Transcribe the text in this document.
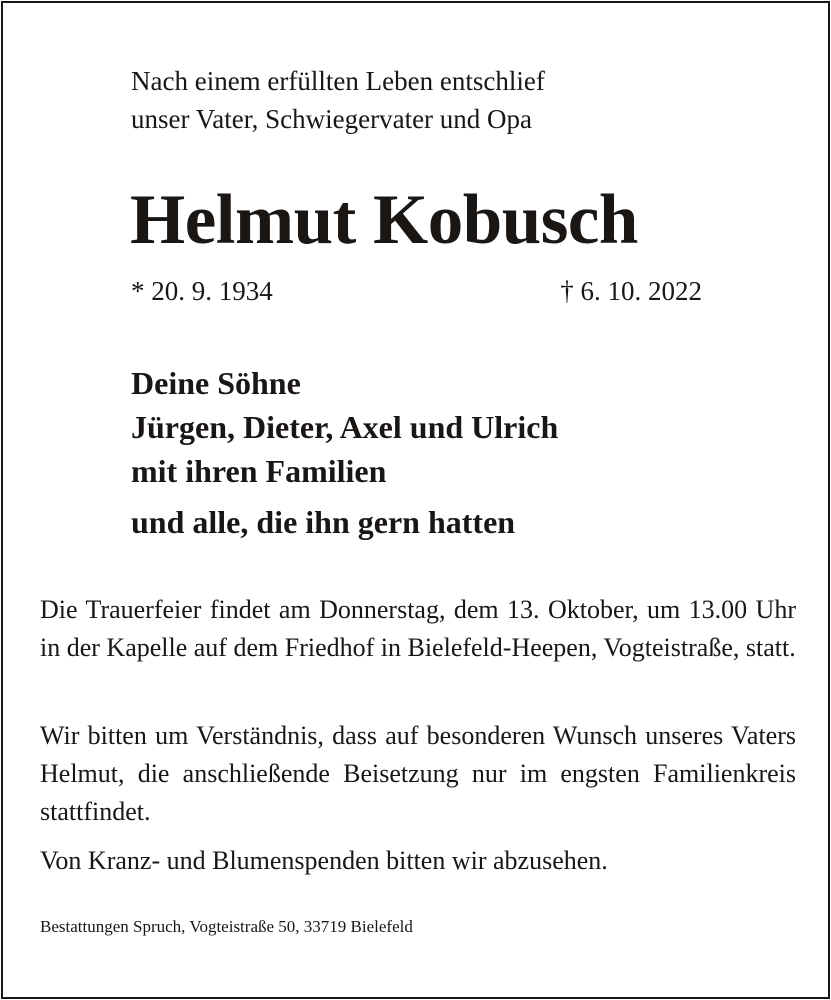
Nach einem erfüllten Leben entschlief
unser Vater, Schwiegervater und Opa
Helmut Kobusch
* 20. 9. 1934	† 6. 10. 2022
Deine Söhne
Jürgen, Dieter, Axel und Ulrich
mit ihren Familien
und alle, die ihn gern hatten
Die Trauerfeier findet am Donnerstag, dem 13. Oktober, um 13.00 Uhr in der Kapelle auf dem Friedhof in Bielefeld-Heepen, Vogteistraße, statt.
Wir bitten um Verständnis, dass auf besonderen Wunsch unseres Vaters Helmut, die anschließende Beisetzung nur im engsten Familienkreis stattfindet.
Von Kranz- und Blumenspenden bitten wir abzusehen.
Bestattungen Spruch, Vogteistraße 50, 33719 Bielefeld
